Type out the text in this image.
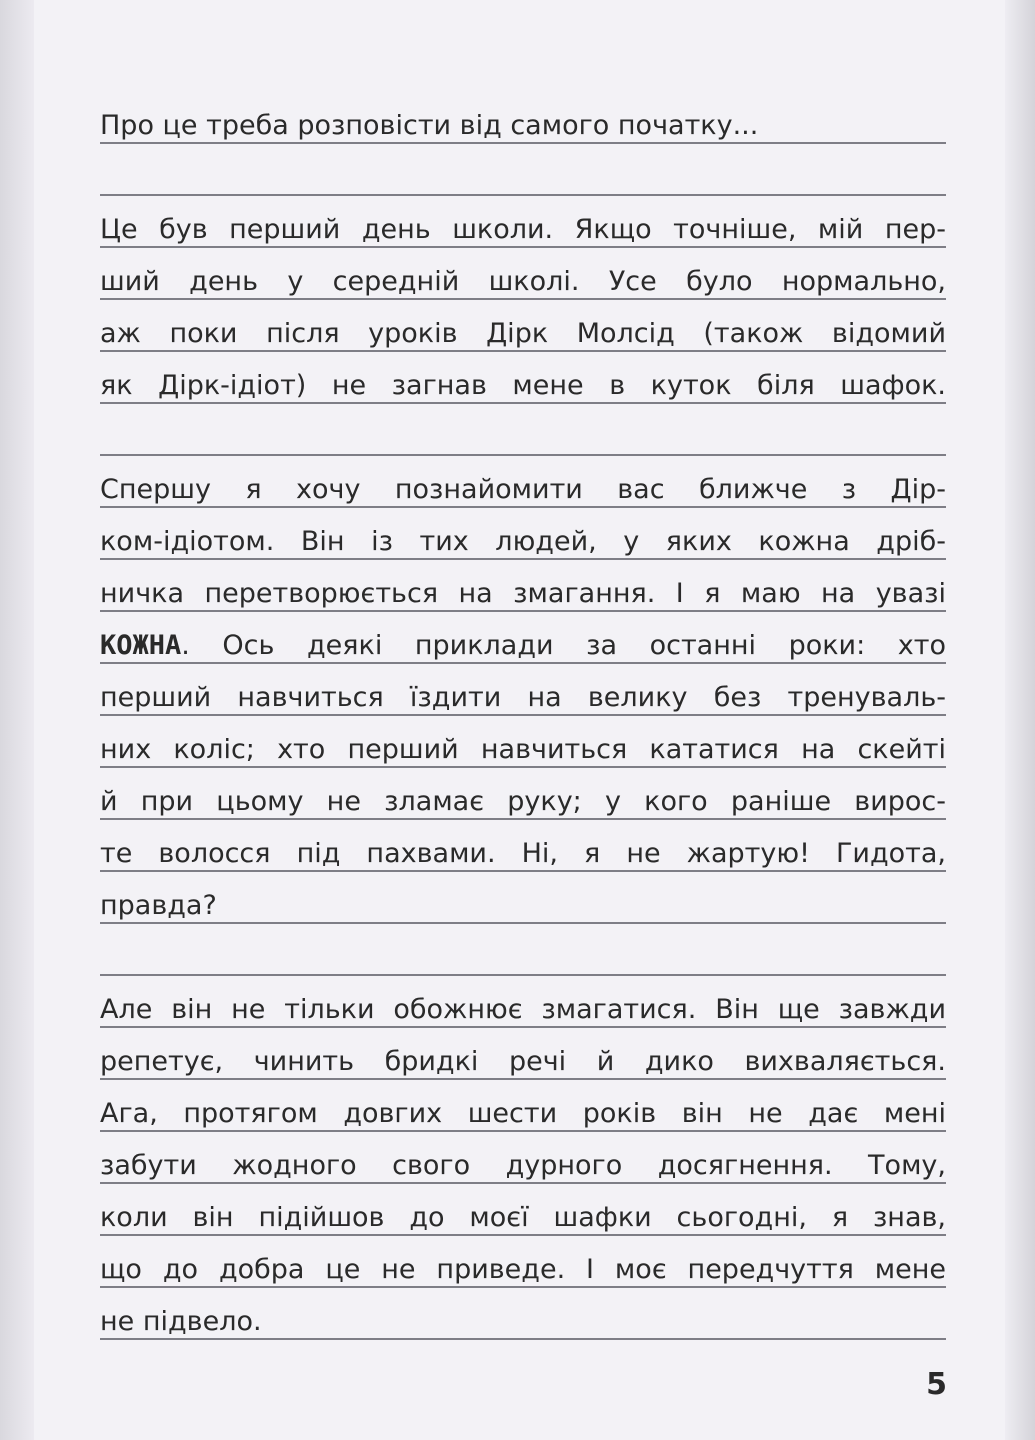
Про це треба розповісти від самого початку...
Це був перший день школи. Якщо точніше, мій пер-
ший день у середній школі. Усе було нормально,
аж поки після уроків Дірк Молсід (також відомий
як Дірк-ідіот) не загнав мене в куток біля шафок.
Спершу я хочу познайомити вас ближче з Дір-
ком-ідіотом. Він із тих людей, у яких кожна дріб-
ничка перетворюється на змагання. І я маю на увазі
КОЖНА. Ось деякі приклади за останні роки: хто
перший навчиться їздити на велику без тренуваль-
них коліс; хто перший навчиться кататися на скейті
й при цьому не зламає руку; у кого раніше вирос-
те волосся під пахвами. Ні, я не жартую! Гидота,
правда?
Але він не тільки обожнює змагатися. Він ще завжди
репетує, чинить бридкі речі й дико вихваляється.
Ага, протягом довгих шести років він не дає мені
забути жодного свого дурного досягнення. Тому,
коли він підійшов до моєї шафки сьогодні, я знав,
що до добра це не приведе. І моє передчуття мене
не підвело.
5
